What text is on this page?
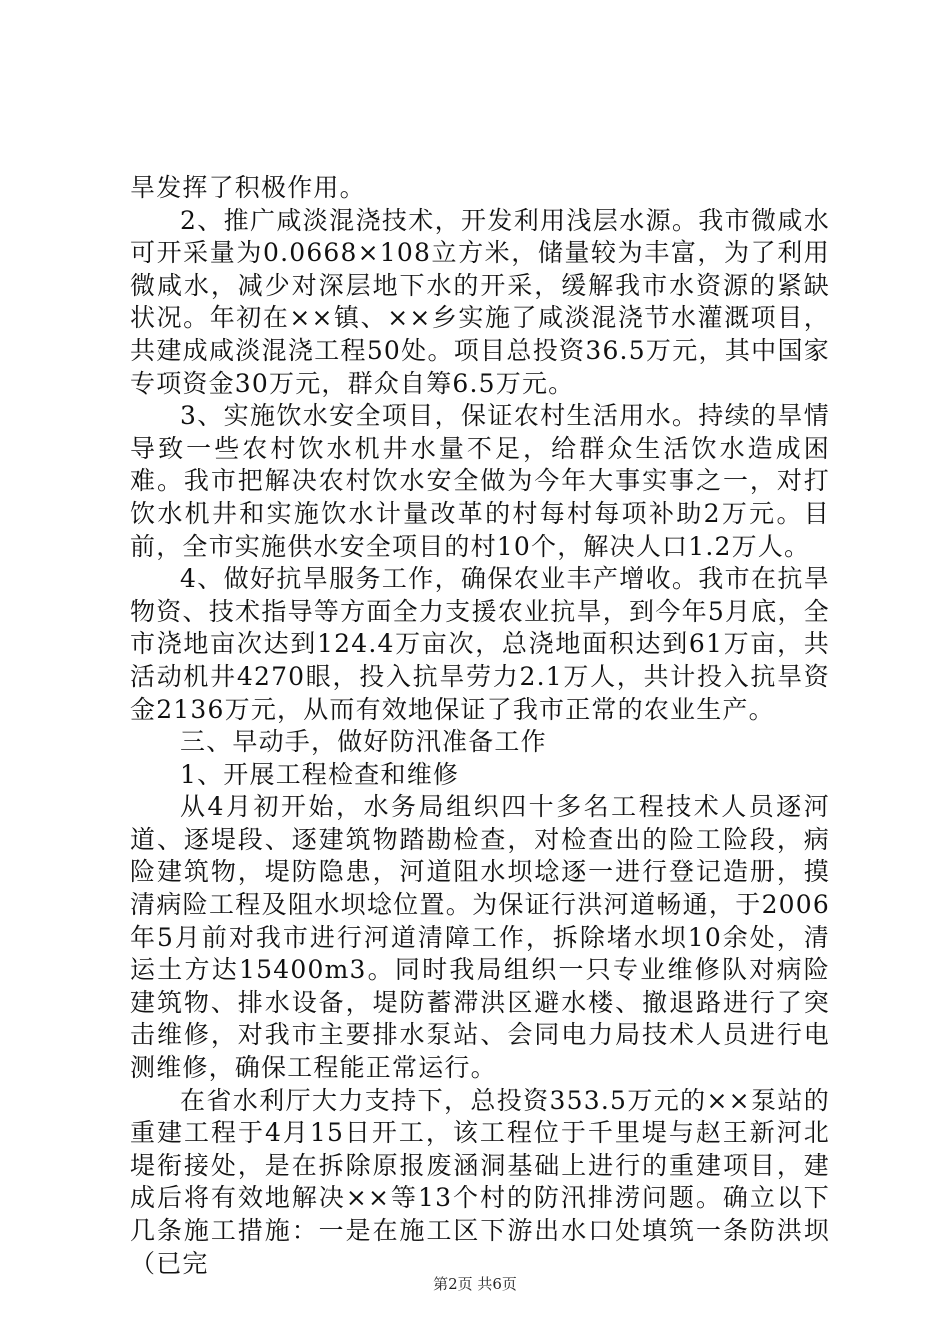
旱发挥了积极作用。

2、推广咸淡混浇技术，开发利用浅层水源。我市微咸水可开采量为0.0668×108立方米，储量较为丰富，为了利用微咸水，减少对深层地下水的开采，缓解我市水资源的紧缺状况。年初在××镇、××乡实施了咸淡混浇节水灌溉项目，共建成咸淡混浇工程50处。项目总投资36.5万元，其中国家专项资金30万元，群众自筹6.5万元。

3、实施饮水安全项目，保证农村生活用水。持续的旱情导致一些农村饮水机井水量不足，给群众生活饮水造成困难。我市把解决农村饮水安全做为今年大事实事之一，对打饮水机井和实施饮水计量改革的村每村每项补助2万元。目前，全市实施供水安全项目的村10个，解决人口1.2万人。

4、做好抗旱服务工作，确保农业丰产增收。我市在抗旱物资、技术指导等方面全力支援农业抗旱，到今年5月底，全市浇地亩次达到124.4万亩次，总浇地面积达到61万亩，共活动机井4270眼，投入抗旱劳力2.1万人，共计投入抗旱资金2136万元，从而有效地保证了我市正常的农业生产。

三、早动手，做好防汛准备工作

1、开展工程检查和维修

从4月初开始，水务局组织四十多名工程技术人员逐河道、逐堤段、逐建筑物踏勘检查，对检查出的险工险段，病险建筑物，堤防隐患，河道阻水坝埝逐一进行登记造册，摸清病险工程及阻水坝埝位置。为保证行洪河道畅通，于2006年5月前对我市进行河道清障工作，拆除堵水坝10余处，清运土方达15400m3。同时我局组织一只专业维修队对病险建筑物、排水设备，堤防蓄滞洪区避水楼、撤退路进行了突击维修，对我市主要排水泵站、会同电力局技术人员进行电测维修，确保工程能正常运行。

在省水利厅大力支持下，总投资353.5万元的××泵站的重建工程于4月15日开工，该工程位于千里堤与赵王新河北堤衔接处，是在拆除原报废涵洞基础上进行的重建项目，建成后将有效地解决××等13个村的防汛排涝问题。确立以下几条施工措施：一是在施工区下游出水口处填筑一条防洪坝（已完

第2页 共6页
